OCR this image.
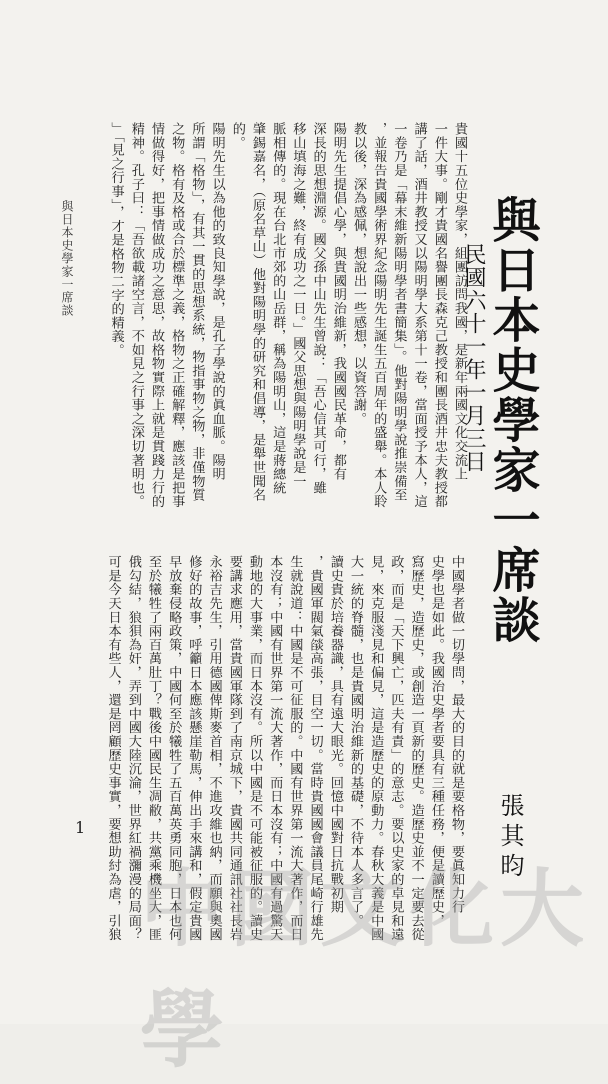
與日本史學家一席談
民國六十一年一月三日
張其昀
貴國十五位史學家，組團訪問我國，是新年兩國文化交流上
一件大事。剛才貴國名譽團長森克己教授和團長酒井忠夫教授都
講了話，酒井教授又以陽明學大系第十一卷，當面授予本人，這
一卷乃是「幕末維新陽明學者書簡集」。他對陽明學說推崇備至
，並報告貴國學術界紀念陽明先生誕生五百周年的盛舉。本人聆
教以後，深為感佩，想說出一些感想，以資答謝。
陽明先生提倡心學，與貴國明治維新，我國國民革命，都有
深長的思想淵源。國父孫中山先生曾說：「吾心信其可行，雖
移山填海之難，終有成功之一日。」國父思想與陽明學說是一
脈相傳的。現在台北市郊的山岳群，稱為陽明山，這是蔣總統
肇錫嘉名，（原名草山）他對陽明學的研究和倡導，是舉世聞名
的。
陽明先生以為他的致良知學說，是孔子學說的眞血脈。陽明
所謂「格物」，有其一貫的思想系統，物指事物之物，非僅物質
之物。格有及格或合於標準之義，格物之正確解釋，應該是把事
情做得好，把事情做成功之意思，故格物實際上就是貫踐力行的
精神。孔子曰：「吾欲載諸空言，不如見之行事之深切著明也。
」「見之行事」，才是格物二字的精義。
中國學者做一切學問，最大的目的就是要格物，要眞知力行
史學也是如此。我國治史學者要具有三種任務，便是讀歷史，
寫歷史，造歷史，或創造一頁新的歷史。造歷史並不一定要去從
政，而是「天下興亡，匹夫有責」的意志。要以史家的卓見和遠
見，來克服淺見和偏見，這是造歷史的原動力。春秋大義是中國
大一統的脊髓，也是貴國明治維新的基礎，不待本人多言了。
讀史貴於培養器識，具有遠大眼光。回憶中國對日抗戰初期
，貴國軍閥氣燄高張，目空一切。當時貴國國會議員尾崎行雄先
生就說道：中國是不可征服的。中國有世界第一流大著作，而日
本沒有；中國有世界第一流大著作，而日本沒有；中國有過驚天
動地的大事業，而日本沒有。所以中國是不可能被征服的。讀史
要講求應用，當貴國軍隊到了南京城下，貴國共同通訊社社長岩
永裕吉先生，引用德國俾斯麥首相，不進攻維也納，而願與奧國
修好的故事，呼籲日本應該懸崖勒馬，伸出手來講和，假定貴國
早放棄侵略政策，中國何至於犧牲了五百萬英勇同胞，日本也何
至於犧牲了兩百萬肚丁？戰後中國民生凋敝，共黨乘機坐大，匪
俄勾結，狼狽為奸，弄到中國大陸沉淪，世界紅禍瀰漫的局面？
可是今天日本有些人，還是罔顧歷史事實，要想助紂為虐，引狼
與日本史學家一席談
1
中國文化大學
